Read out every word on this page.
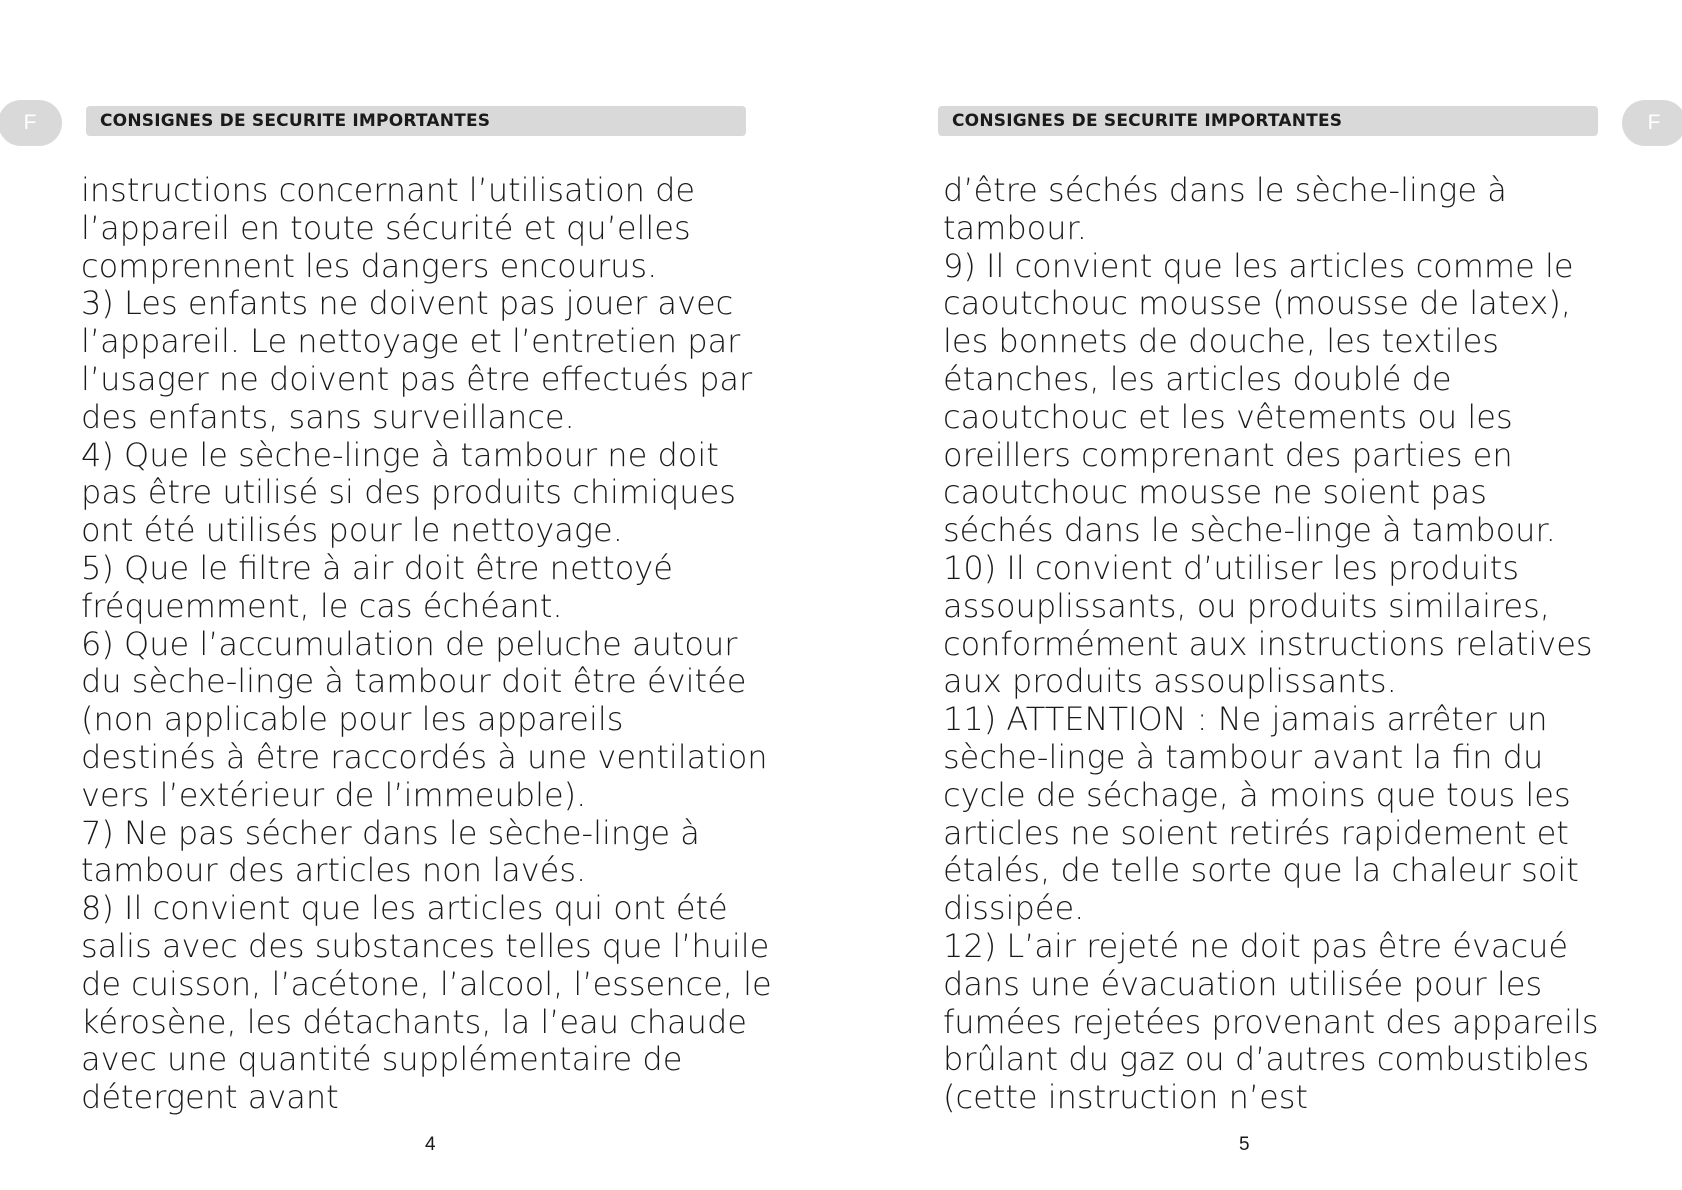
F	CONSIGNES DE SECURITE IMPORTANTES
instructions concernant l’utilisation de
l’appareil en toute sécurité et qu’elles
comprennent les dangers encourus.
3) Les enfants ne doivent pas jouer avec
l’appareil. Le nettoyage et l’entretien par
l’usager ne doivent pas être effectués par
des enfants, sans surveillance.
4) Que le sèche-linge à tambour ne doit
pas être utilisé si des produits chimiques
ont été utilisés pour le nettoyage.
5) Que le filtre à air doit être nettoyé
fréquemment, le cas échéant.
6) Que l’accumulation de peluche autour
du sèche-linge à tambour doit être évitée
(non applicable pour les appareils
destinés à être raccordés à une ventilation
vers l’extérieur de l’immeuble).
7) Ne pas sécher dans le sèche-linge à
tambour des articles non lavés.
8) Il convient que les articles qui ont été
salis avec des substances telles que l’huile
de cuisson, l’acétone, l’alcool, l’essence, le
kérosène, les détachants, la l’eau chaude
avec une quantité supplémentaire de
détergent avant
4
F
CONSIGNES DE SECURITE IMPORTANTES
d’être séchés dans le sèche-linge à
tambour.
9) Il convient que les articles comme le
caoutchouc mousse (mousse de latex),
les bonnets de douche, les textiles
étanches, les articles doublé de
caoutchouc et les vêtements ou les
oreillers comprenant des parties en
caoutchouc mousse ne soient pas
séchés dans le sèche-linge à tambour.
10) Il convient d’utiliser les produits
assouplissants, ou produits similaires,
conformément aux instructions relatives
aux produits assouplissants.
11) ATTENTION : Ne jamais arrêter un
sèche-linge à tambour avant la fin du
cycle de séchage, à moins que tous les
articles ne soient retirés rapidement et
étalés, de telle sorte que la chaleur soit
dissipée.
12) L’air rejeté ne doit pas être évacué
dans une évacuation utilisée pour les
fumées rejetées provenant des appareils
brûlant du gaz ou d’autres combustibles
(cette instruction n’est
5
